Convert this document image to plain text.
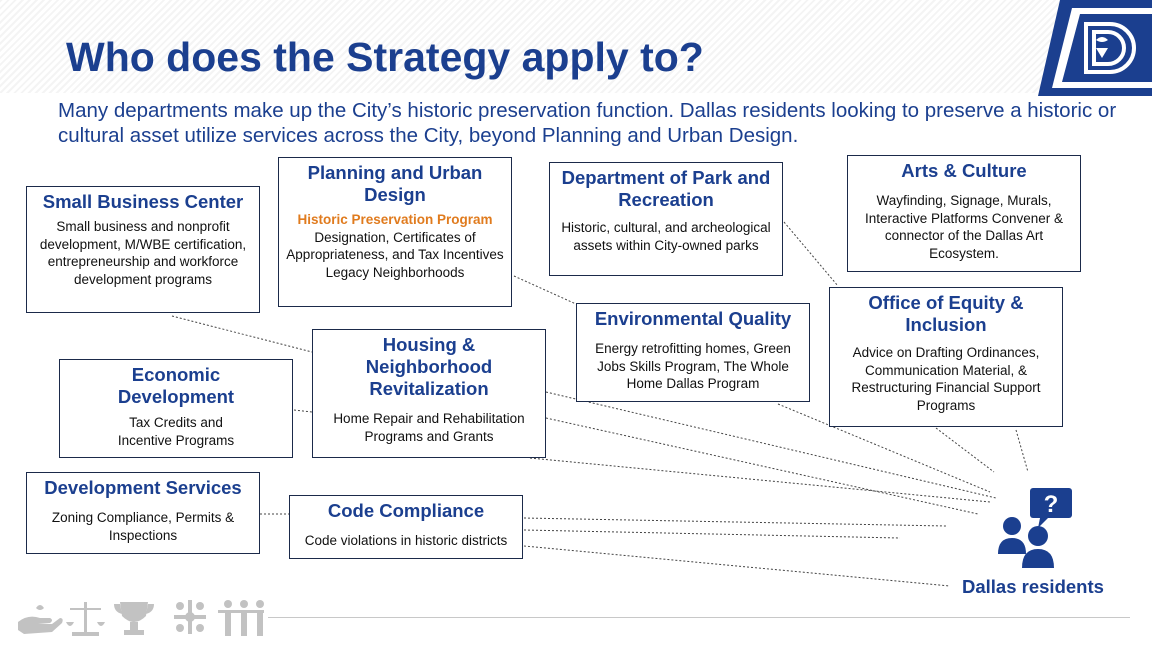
Who does the Strategy apply to?

Many departments make up the City’s historic preservation function. Dallas residents looking to preserve a historic or cultural asset utilize services across the City, beyond Planning and Urban Design.

Small Business Center

Small business and nonprofit development, M/WBE certification, entrepreneurship and workforce development programs

Planning and Urban Design

Historic Preservation Program

Designation, Certificates of Appropriateness, and Tax Incentives

Legacy Neighborhoods

Department of Park and Recreation

Historic, cultural, and archeological assets within City-owned parks

Arts & Culture

Wayfinding, Signage, Murals, Interactive Platforms Convener & connector of the Dallas Art Ecosystem.

Office of Equity & Inclusion

Advice on Drafting Ordinances, Communication Material, & Restructuring Financial Support Programs

Environmental Quality

Energy retrofitting homes, Green Jobs Skills Program, The Whole Home Dallas Program

Housing & Neighborhood Revitalization

Home Repair and Rehabilitation Programs and Grants

Economic Development

Tax Credits and Incentive Programs

Development Services

Zoning Compliance, Permits & Inspections

Code Compliance

Code violations in historic districts

?
Dallas residents
